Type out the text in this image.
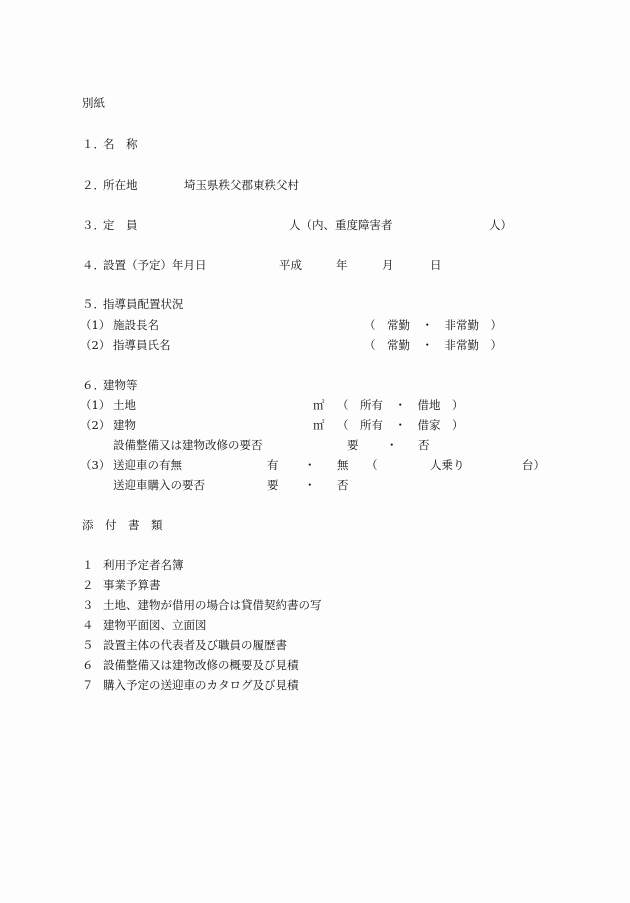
別紙
１．
名　称
２．
所在地	埼玉県秩父郡東秩父村
３．
定　員	人（内、重度障害者	人）
４．
設置（予定）年月日	平成	年	月	日
５．
指導員配置状況
（1） 施設長名	（　常勤　・　非常勤　）
（2） 指導員氏名	（　常勤　・　非常勤　）
６．
建物等
（1） 土地	㎡ （　所有　・　借地　）
（2） 建物	㎡ （　所有　・　借家　）
設備整備又は建物改修の要否	要 ・ 否
（3） 送迎車の有無	有 ・ 無 （	人乗り	台）
送迎車購入の要否	要 ・ 否
添　付　書　類
１ 利用予定者名簿
２ 事業予算書
３ 土地、建物が借用の場合は貸借契約書の写
４ 建物平面図、立面図
５ 設置主体の代表者及び職員の履歴書
６ 設備整備又は建物改修の概要及び見積
７ 購入予定の送迎車のカタログ及び見積
